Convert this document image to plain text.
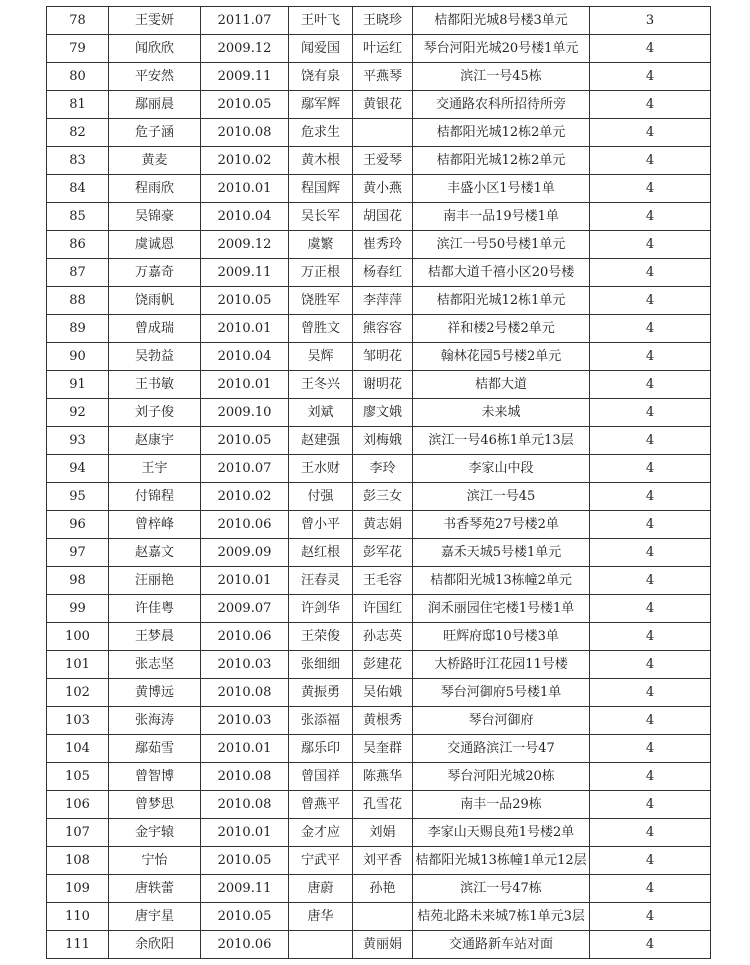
78	王雯妍	2011.07	王叶飞	王晓珍	桔都阳光城8号楼3单元	3
79	闻欣欣	2009.12	闻爱国	叶运红	琴台河阳光城20号楼1单元	4
80	平安然	2009.11	饶有泉	平燕琴	滨江一号45栋	4
81	鄢丽晨	2010.05	鄢军辉	黄银花	交通路农科所招待所旁	4
82	危子涵	2010.08	危求生		桔都阳光城12栋2单元	4
83	黄麦	2010.02	黄木根	王爱琴	桔都阳光城12栋2单元	4
84	程雨欣	2010.01	程国辉	黄小燕	丰盛小区1号楼1单	4
85	吴锦豪	2010.04	吴长军	胡国花	南丰一品19号楼1单	4
86	虞诚恩	2009.12	虞繁	崔秀玲	滨江一号50号楼1单元	4
87	万嘉奇	2009.11	万正根	杨春红	桔都大道千禧小区20号楼	4
88	饶雨帆	2010.05	饶胜军	李萍萍	桔都阳光城12栋1单元	4
89	曾成瑞	2010.01	曾胜文	熊容容	祥和楼2号楼2单元	4
90	吴勃益	2010.04	吴辉	邹明花	翰林花园5号楼2单元	4
91	王书敏	2010.01	王冬兴	谢明花	桔都大道	4
92	刘子俊	2009.10	刘斌	廖文娥	未来城	4
93	赵康宇	2010.05	赵建强	刘梅娥	滨江一号46栋1单元13层	4
94	王宇	2010.07	王水财	李玲	李家山中段	4
95	付锦程	2010.02	付强	彭三女	滨江一号45	4
96	曾梓峰	2010.06	曾小平	黄志娟	书香琴苑27号楼2单	4
97	赵嘉文	2009.09	赵红根	彭军花	嘉禾天城5号楼1单元	4
98	汪丽艳	2010.01	汪春灵	王毛容	桔都阳光城13栋幢2单元	4
99	许佳粤	2009.07	许剑华	许国红	润禾丽园住宅楼1号楼1单	4
100	王梦晨	2010.06	王荣俊	孙志英	旺辉府邸10号楼3单	4
101	张志坚	2010.03	张细细	彭建花	大桥路盱江花园11号楼	4
102	黄博远	2010.08	黄振勇	吴佑娥	琴台河御府5号楼1单	4
103	张海涛	2010.03	张添福	黄根秀	琴台河御府	4
104	鄢茹雪	2010.01	鄢乐印	吴奎群	交通路滨江一号47	4
105	曾智博	2010.08	曾国祥	陈燕华	琴台河阳光城20栋	4
106	曾梦思	2010.08	曾燕平	孔雪花	南丰一品29栋	4
107	金宇辕	2010.01	金才应	刘娟	李家山天赐良苑1号楼2单	4
108	宁怡	2010.05	宁武平	刘平香	桔都阳光城13栋幢1单元12层	4
109	唐轶蕾	2009.11	唐蔚	孙艳	滨江一号47栋	4
110	唐宇星	2010.05	唐华		桔苑北路未来城7栋1单元3层	4
111	余欣阳	2010.06		黄丽娟	交通路新车站对面	4
